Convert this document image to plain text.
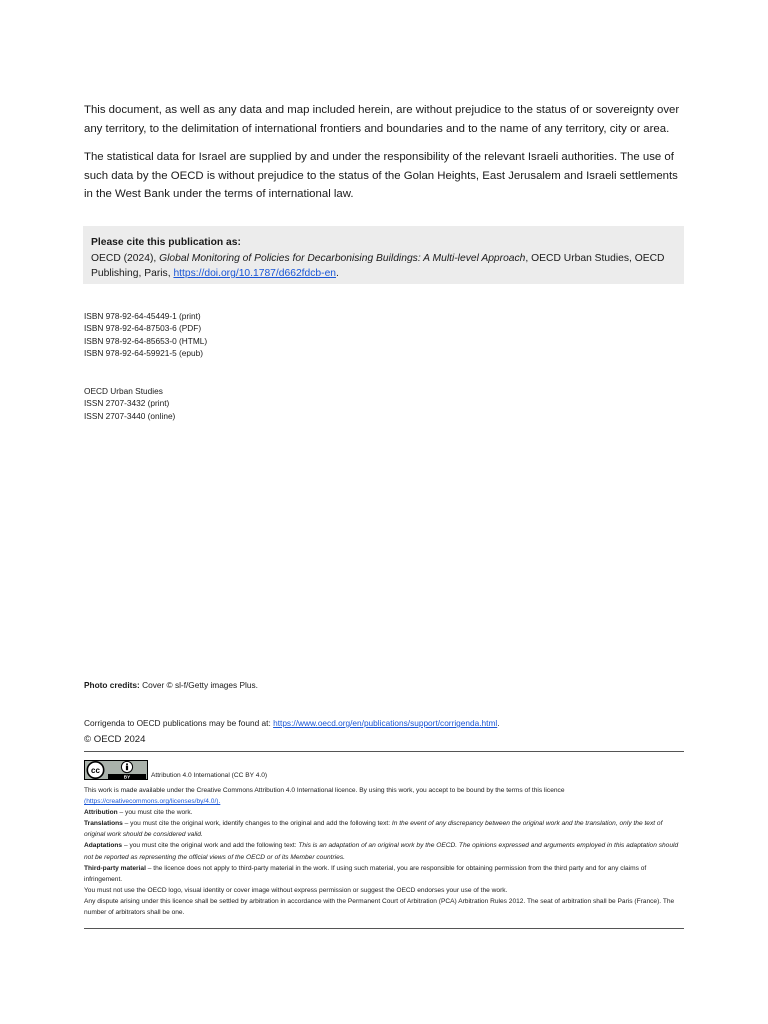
This document, as well as any data and map included herein, are without prejudice to the status of or sovereignty over any territory, to the delimitation of international frontiers and boundaries and to the name of any territory, city or area.
The statistical data for Israel are supplied by and under the responsibility of the relevant Israeli authorities. The use of such data by the OECD is without prejudice to the status of the Golan Heights, East Jerusalem and Israeli settlements in the West Bank under the terms of international law.
Please cite this publication as:
OECD (2024), Global Monitoring of Policies for Decarbonising Buildings: A Multi-level Approach, OECD Urban Studies, OECD Publishing, Paris, https://doi.org/10.1787/d662fdcb-en.
ISBN 978-92-64-45449-1 (print)
ISBN 978-92-64-87503-6 (PDF)
ISBN 978-92-64-85653-0 (HTML)
ISBN 978-92-64-59921-5 (epub)
OECD Urban Studies
ISSN 2707-3432 (print)
ISSN 2707-3440 (online)
Photo credits: Cover © sl-f/Getty images Plus.
Corrigenda to OECD publications may be found at: https://www.oecd.org/en/publications/support/corrigenda.html.
© OECD 2024
cc
BY	Attribution 4.0 International (CC BY 4.0)

This work is made available under the Creative Commons Attribution 4.0 International licence. By using this work, you accept to be bound by the terms of this licence (https://creativecommons.org/licenses/by/4.0/).

Attribution – you must cite the work.

Translations – you must cite the original work, identify changes to the original and add the following text: In the event of any discrepancy between the original work and the translation, only the text of original work should be considered valid.

Adaptations – you must cite the original work and add the following text: This is an adaptation of an original work by the OECD. The opinions expressed and arguments employed in this adaptation should not be reported as representing the official views of the OECD or of its Member countries.

Third-party material – the licence does not apply to third-party material in the work. If using such material, you are responsible for obtaining permission from the third party and for any claims of infringement.

You must not use the OECD logo, visual identity or cover image without express permission or suggest the OECD endorses your use of the work.

Any dispute arising under this licence shall be settled by arbitration in accordance with the Permanent Court of Arbitration (PCA) Arbitration Rules 2012. The seat of arbitration shall be Paris (France). The number of arbitrators shall be one.
